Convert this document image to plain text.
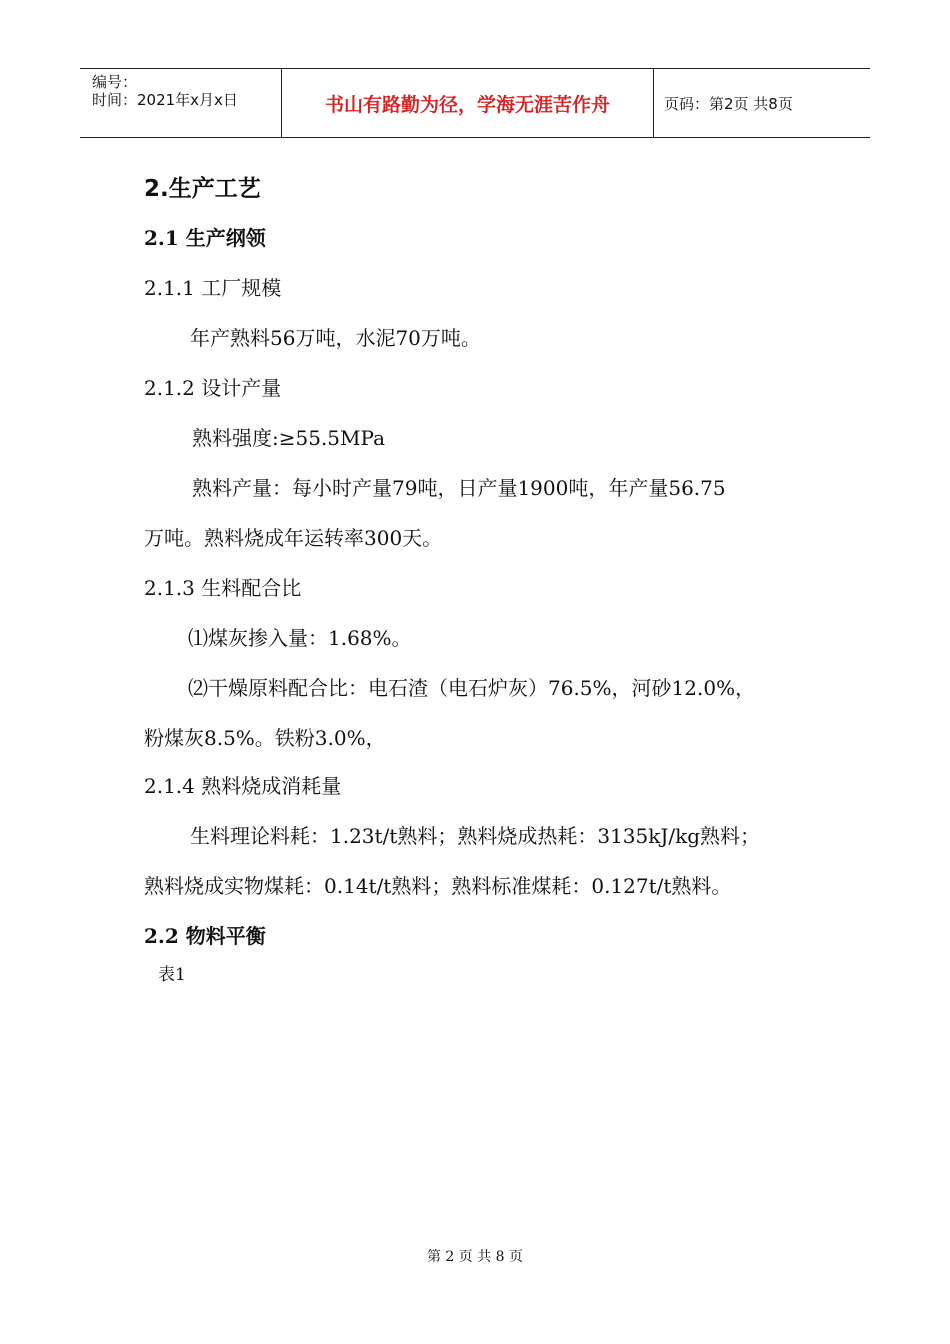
编号：
时间：2021年x月x日	书山有路勤为径，学海无涯苦作舟	页码：第2页 共8页
2.生产工艺
2.1 生产纲领
2.1.1 工厂规模
年产熟料56万吨，水泥70万吨。
2.1.2 设计产量
熟料强度:≥55.5MPa
熟料产量：每小时产量79吨，日产量1900吨，年产量56.75
万吨。熟料烧成年运转率300天。
2.1.3 生料配合比
⑴煤灰掺入量：1.68%。
⑵干燥原料配合比：电石渣（电石炉灰）76.5%，河砂12.0%，
粉煤灰8.5%。铁粉3.0%，
2.1.4 熟料烧成消耗量
生料理论料耗：1.23t/t熟料；熟料烧成热耗：3135kJ/kg熟料；
熟料烧成实物煤耗：0.14t/t熟料；熟料标准煤耗：0.127t/t熟料。
2.2 物料平衡
表1
第 2 页 共 8 页
